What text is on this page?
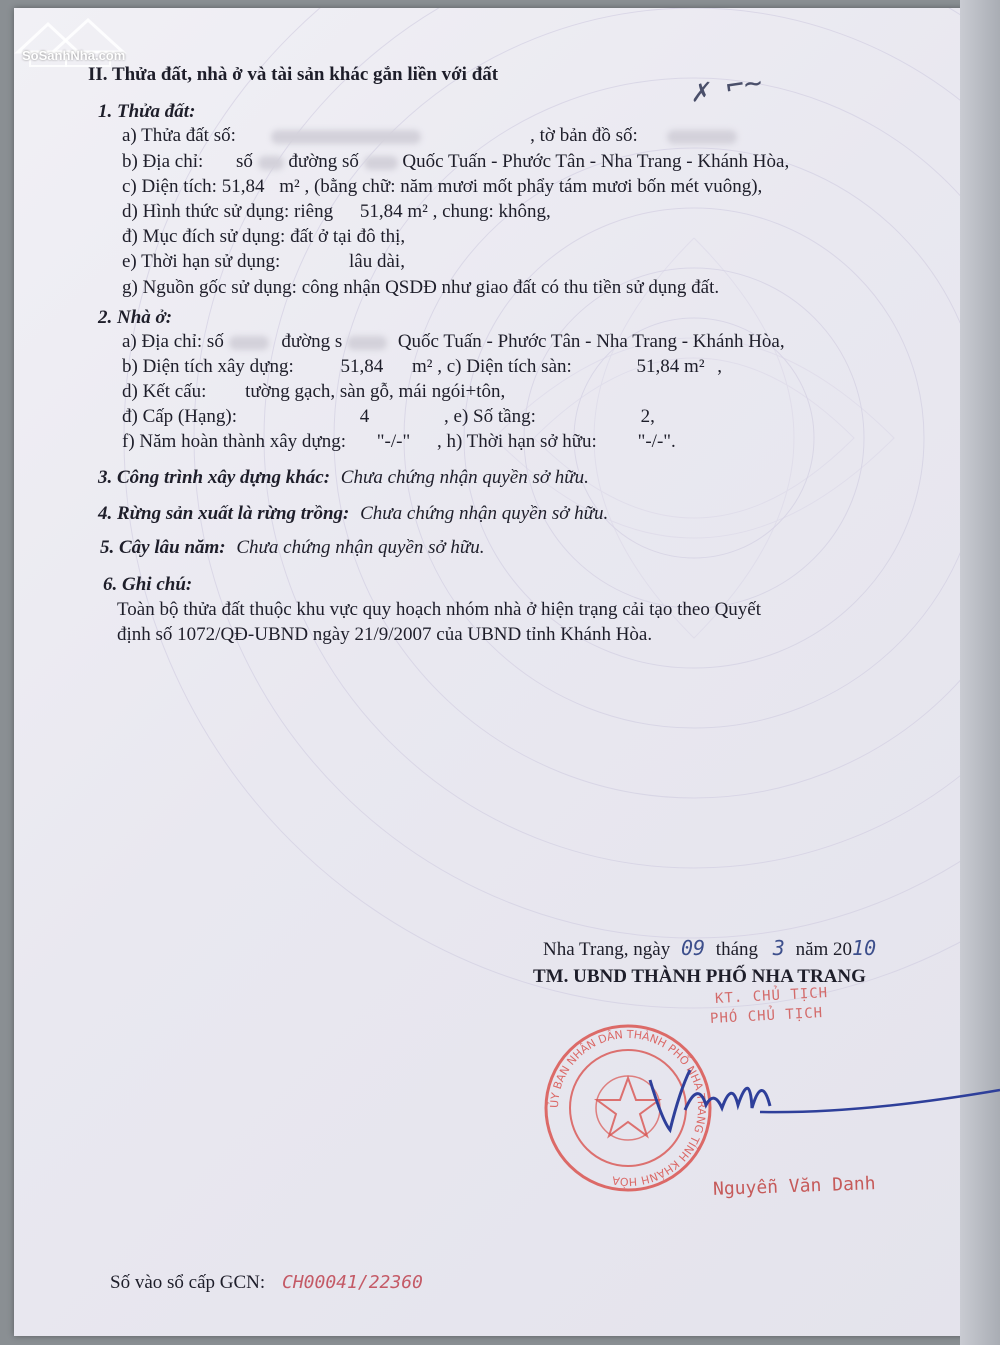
SoSanhNha.com
✗ ⌐~
II. Thửa đất, nhà ở và tài sản khác gắn liền với đất
1. Thửa đất:
a) Thửa đất số:	, tờ bản đồ số:
b) Địa chỉ: số đường số Quốc Tuấn - Phước Tân - Nha Trang - Khánh Hòa,
c) Diện tích: 51,84 m² , (bằng chữ: năm mươi mốt phẩy tám mươi bốn mét vuông),
d) Hình thức sử dụng: riêng 51,84 m² , chung: không,
đ) Mục đích sử dụng: đất ở tại đô thị,
e) Thời hạn sử dụng:	lâu dài,
g) Nguồn gốc sử dụng: công nhận QSDĐ như giao đất có thu tiền sử dụng đất.
2. Nhà ở:
a) Địa chỉ: số	đường s	Quốc Tuấn - Phước Tân - Nha Trang - Khánh Hòa,
b) Diện tích xây dựng: 51,84 m² , c) Diện tích sàn:	51,84 m² ,
d) Kết cấu: tường gạch, sàn gỗ, mái ngói+tôn,
đ) Cấp (Hạng):	4	, e) Số tầng:	2,
f) Năm hoàn thành xây dựng: "-/-" , h) Thời hạn sở hữu: "-/-".
3. Công trình xây dựng khác: Chưa chứng nhận quyền sở hữu.
4. Rừng sản xuất là rừng trồng: Chưa chứng nhận quyền sở hữu.
5. Cây lâu năm: Chưa chứng nhận quyền sở hữu.
6. Ghi chú:
Toàn bộ thửa đất thuộc khu vực quy hoạch nhóm nhà ở hiện trạng cải tạo theo Quyết
định số 1072/QĐ-UBND ngày 21/9/2007 của UBND tỉnh Khánh Hòa.
Nha Trang, ngày 09 tháng 3 năm 2010
TM. UBND THÀNH PHỐ NHA TRANG
KT. CHỦ TỊCH
PHÓ CHỦ TỊCH
ỦY BAN NHÂN DÂN THÀNH PHỐ NHA TRANG TỈNH KHÁNH HÒA	Nguyễn Văn Danh
Số vào sổ cấp GCN: CH00041/22360
